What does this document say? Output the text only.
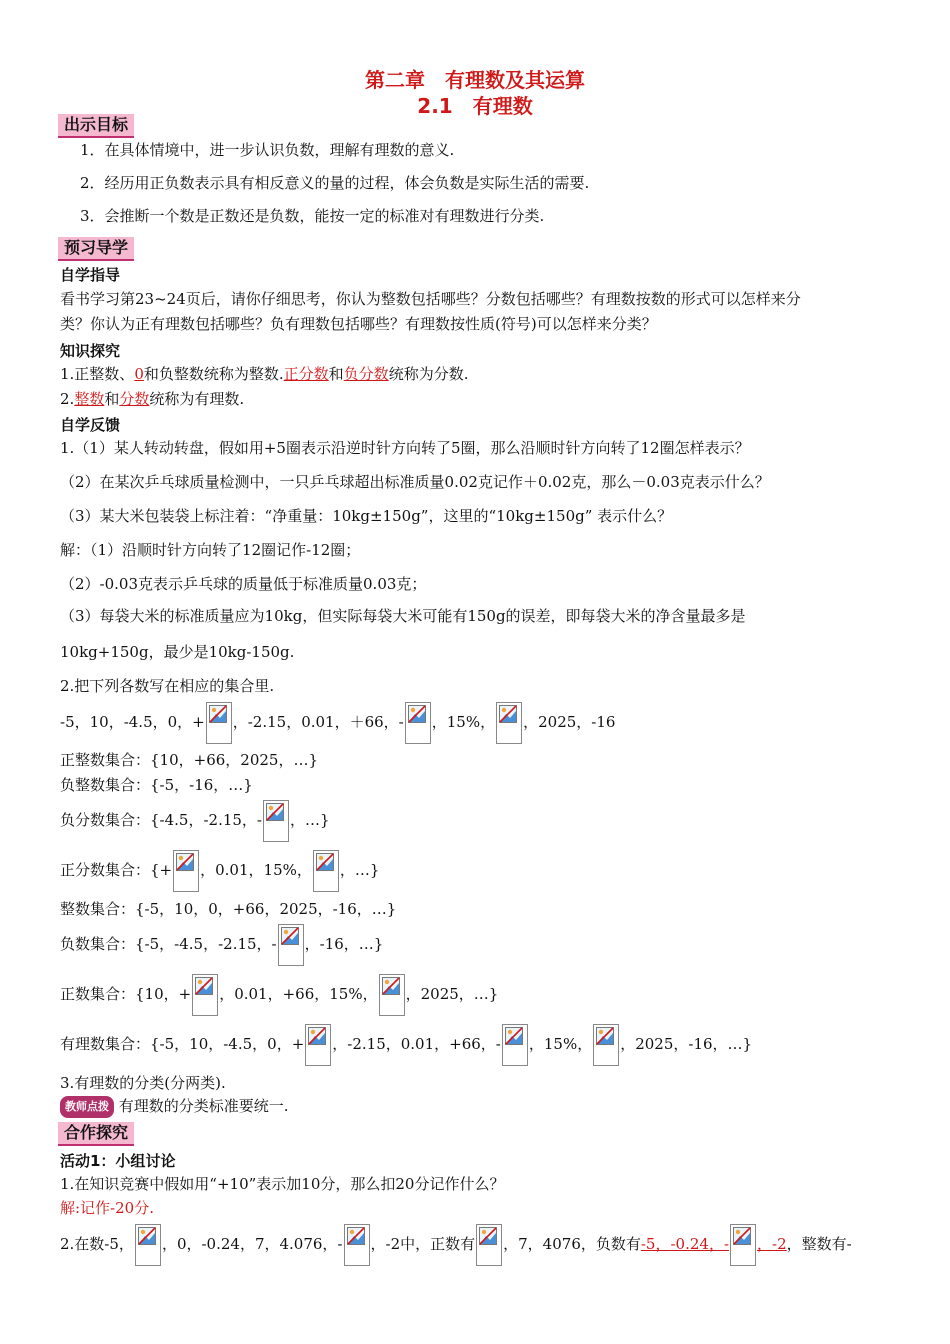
第二章　有理数及其运算
2.1　有理数
出示目标
1．在具体情境中，进一步认识负数，理解有理数的意义.
2．经历用正负数表示具有相反意义的量的过程，体会负数是实际生活的需要.
3．会推断一个数是正数还是负数，能按一定的标准对有理数进行分类.
预习导学
自学指导
看书学习第23~24页后，请你仔细思考，你认为整数包括哪些？分数包括哪些？有理数按数的形式可以怎样来分
类？你认为正有理数包括哪些？负有理数包括哪些？有理数按性质(符号)可以怎样来分类？
知识探究
1.正整数、0和负整数统称为整数.正分数和负分数统称为分数.
2.整数和分数统称为有理数.
自学反馈
1.（1）某人转动转盘，假如用+5圈表示沿逆时针方向转了5圈，那么沿顺时针方向转了12圈怎样表示？
（2）在某次乒乓球质量检测中，一只乒乓球超出标准质量0.02克记作＋0.02克，那么－0.03克表示什么？
（3）某大米包装袋上标注着：“净重量：10kg±150g”，这里的“10kg±150g” 表示什么？
解：（1）沿顺时针方向转了12圈记作-12圈；
（2）-0.03克表示乒乓球的质量低于标准质量0.03克；
（3）每袋大米的标准质量应为10kg，但实际每袋大米可能有150g的误差，即每袋大米的净含量最多是
10kg+150g，最少是10kg-150g.
2.把下列各数写在相应的集合里.
-5，10，-4.5，0，+ ，-2.15，0.01，＋66，- ，15%， ，2025，-16
正整数集合：{10，+66，2025，…}
负整数集合：{-5，-16，…}
负分数集合：{-4.5，-2.15，- ，…}
正分数集合：{+ ，0.01，15%， ，…}
整数集合：{-5，10，0，+66，2025，-16，…}
负数集合：{-5，-4.5，-2.15，- ，-16，…}
正数集合：{10，+ ，0.01，+66，15%， ，2025，…}
有理数集合：{-5，10，-4.5，0，+ ，-2.15，0.01，+66，- ，15%， ，2025，-16，…}
3.有理数的分类(分两类).
教师点拨 有理数的分类标准要统一.
合作探究
活动1：小组讨论
1.在知识竞赛中假如用“+10”表示加10分，那么扣20分记作什么？
解:记作-20分.
2.在数-5， ，0，-0.24，7，4.076，- ，-2中，正数有 ，7，4076，负数有-5，-0.24，- ，-2，整数有-
